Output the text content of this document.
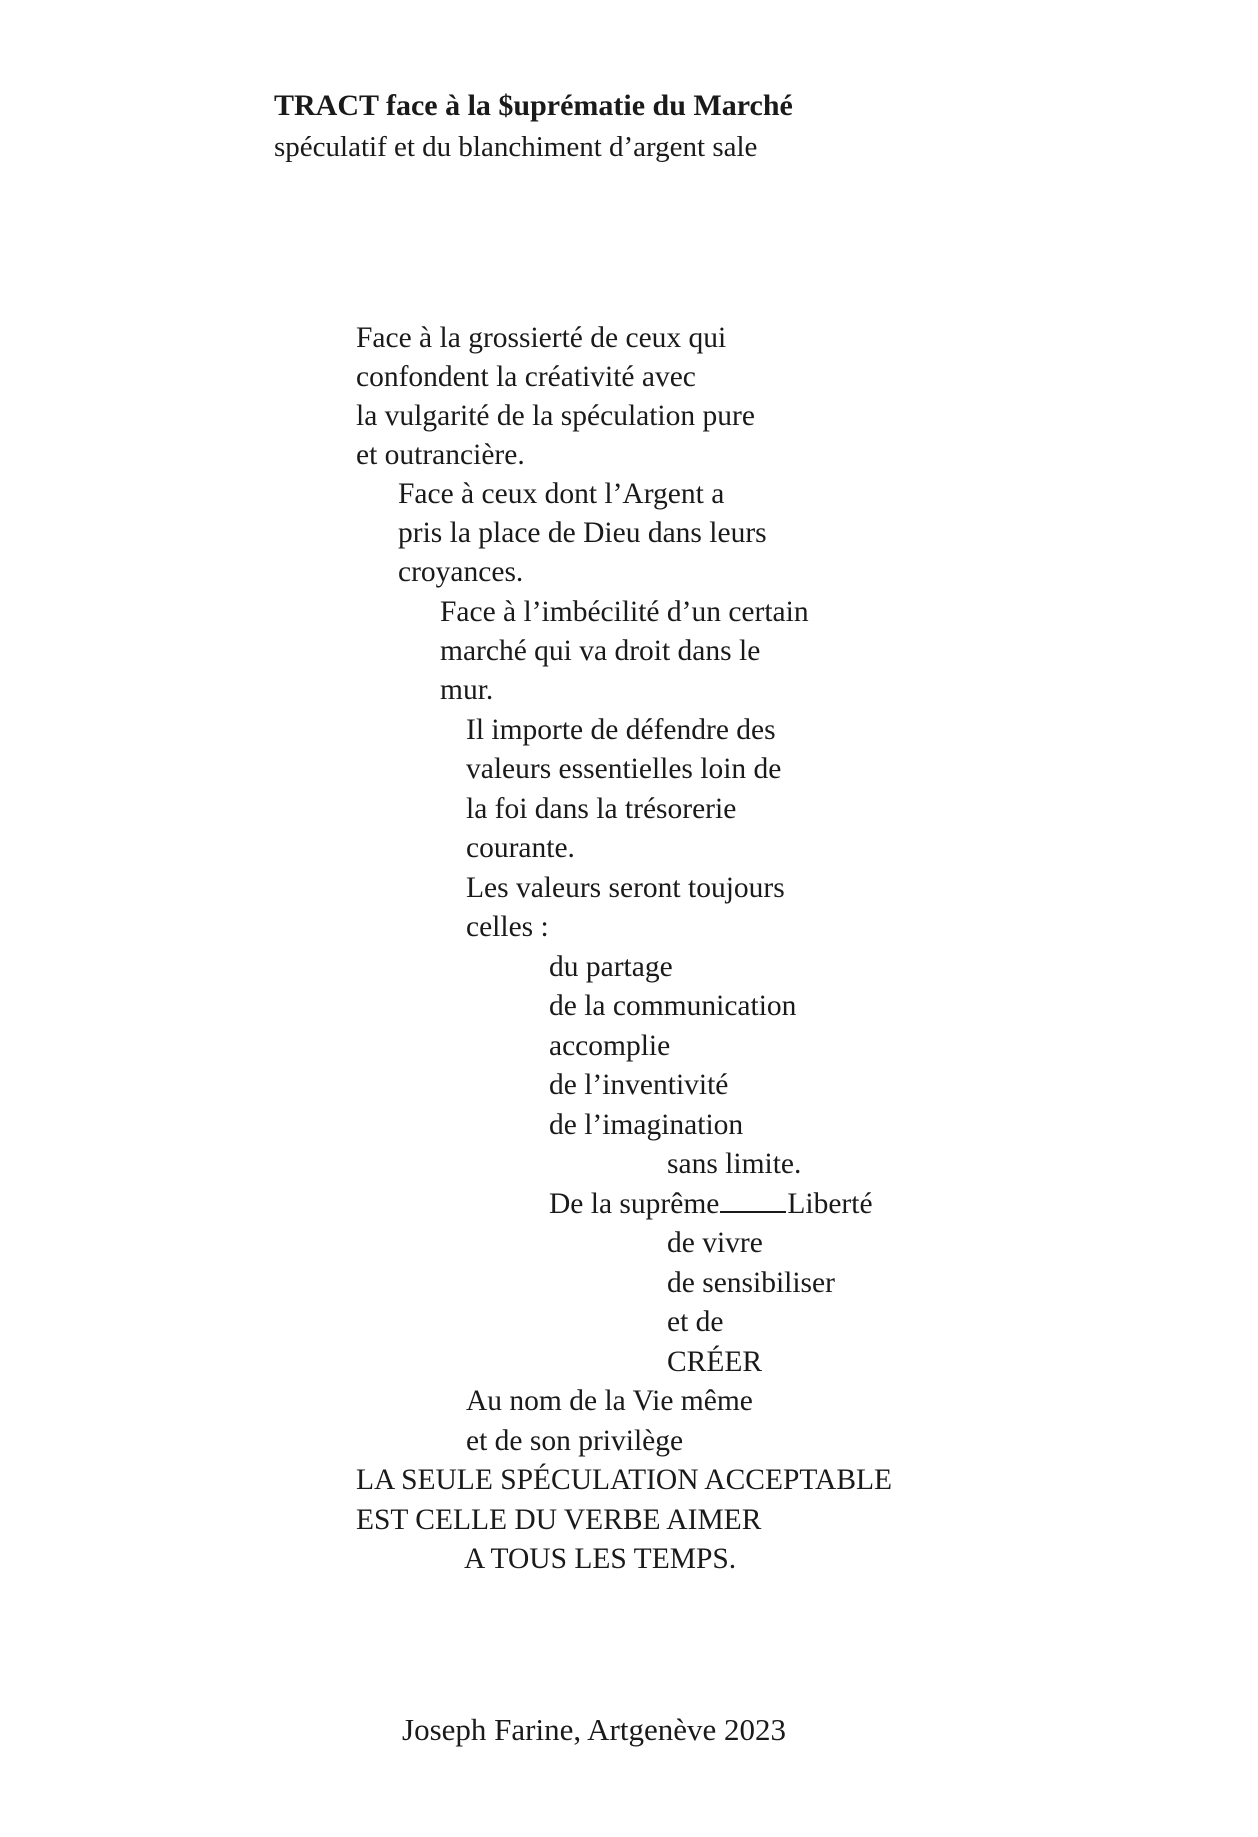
TRACT face à la $uprématie du Marché
spéculatif et du blanchiment d’argent sale
Face à la grossierté de ceux qui
confondent la créativité avec
la vulgarité de la spéculation pure
et outrancière.
Face à ceux dont l’Argent a
pris la place de Dieu dans leurs
croyances.
Face à l’imbécilité d’un certain
marché qui va droit dans le
mur.
Il importe de défendre des
valeurs essentielles loin de
la foi dans la trésorerie
courante.
Les valeurs seront toujours
celles :
du partage
de la communication
accomplie
de l’inventivité
de l’imagination
sans limite.
De la suprême Liberté
de vivre
de sensibiliser
et de
CRÉER
Au nom de la Vie même
et de son privilège
LA SEULE SPÉCULATION ACCEPTABLE
EST CELLE DU VERBE AIMER
A TOUS LES TEMPS.
Joseph Farine, Artgenève 2023
